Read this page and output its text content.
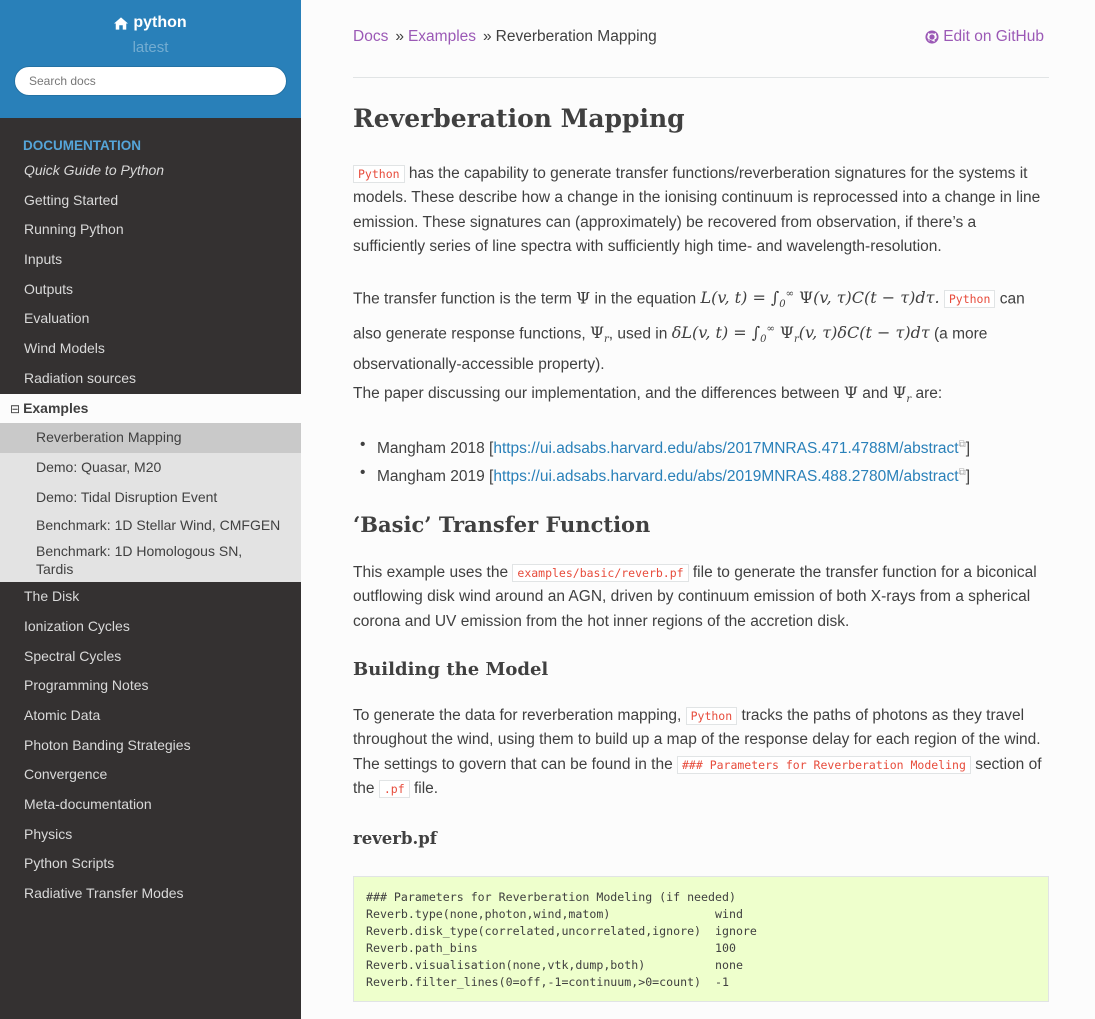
python
latest
Search docs
DOCUMENTATION
Quick Guide to Python
Getting Started
Running Python
Inputs
Outputs
Evaluation
Wind Models
Radiation sources
⊟ Examples
Reverberation Mapping
Demo: Quasar, M20
Demo: Tidal Disruption Event
Benchmark: 1D Stellar Wind, CMFGEN
Benchmark: 1D Homologous SN, Tardis
The Disk
Ionization Cycles
Spectral Cycles
Programming Notes
Atomic Data
Photon Banding Strategies
Convergence
Meta-documentation
Physics
Python Scripts
Radiative Transfer Modes
Docs » Examples » Reverberation Mapping	Edit on GitHub
Reverberation Mapping

Python has the capability to generate transfer functions/reverberation signatures for the systems it models. These describe how a change in the ionising continuum is reprocessed into a change in line emission. These signatures can (approximately) be recovered from observation, if there’s a sufficiently series of line spectra with sufficiently high time- and wavelength-resolution.

The transfer function is the term Ψ in the equation L(v, $t) = \int_0^\infty$ Ψ(v, τ)C(t − τ)dτ. Python can also generate response functions, $\Psi_r$, used in δL(v, $t) = \int_0^\infty$ $\Psi_r(v$, τ)δC(t − τ)dτ (a more observationally-accessible property).

The paper discussing our implementation, and the differences between Ψ and $\Psi_r$ are:

• Mangham 2018 [https://ui.adsabs.harvard.edu/abs/2017MNRAS.471.4788M/abstract⧉]
• Mangham 2019 [https://ui.adsabs.harvard.edu/abs/2019MNRAS.488.2780M/abstract⧉]
‘Basic’ Transfer Function

This example uses the examples/basic/reverb.pf file to generate the transfer function for a biconical outflowing disk wind around an AGN, driven by continuum emission of both X-rays from a spherical corona and UV emission from the hot inner regions of the accretion disk.

Building the Model

To generate the data for reverberation mapping, Python tracks the paths of photons as they travel throughout the wind, using them to build up a map of the response delay for each region of the wind. The settings to govern that can be found in the ### Parameters for Reverberation Modeling section of the .pf file.

reverb.pf
### Parameters for Reverberation Modeling (if needed)
Reverb.type(none,photon,wind,matom)               wind
Reverb.disk_type(correlated,uncorrelated,ignore)  ignore
Reverb.path_bins                                  100
Reverb.visualisation(none,vtk,dump,both)          none
Reverb.filter_lines(0=off,-1=continuum,>0=count)  -1
